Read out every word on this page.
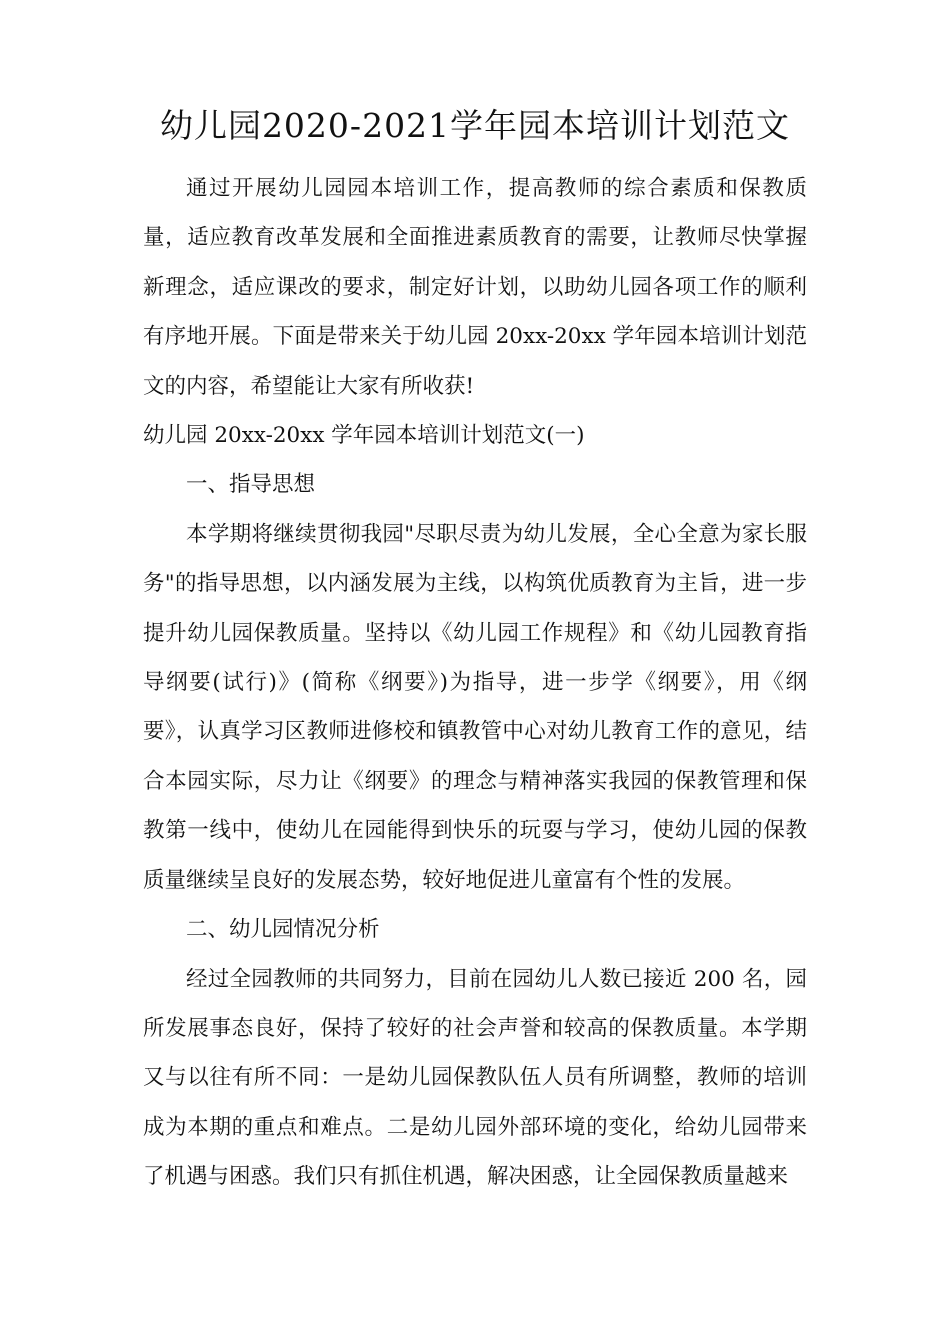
幼儿园2020-2021学年园本培训计划范文

通过开展幼儿园园本培训工作，提高教师的综合素质和保教质量，适应教育改革发展和全面推进素质教育的需要，让教师尽快掌握新理念，适应课改的要求，制定好计划，以助幼儿园各项工作的顺利有序地开展。下面是带来关于幼儿园 20xx-20xx 学年园本培训计划范文的内容，希望能让大家有所收获!

幼儿园 20xx-20xx 学年园本培训计划范文(一)

一、指导思想

本学期将继续贯彻我园"尽职尽责为幼儿发展，全心全意为家长服务"的指导思想，以内涵发展为主线，以构筑优质教育为主旨，进一步提升幼儿园保教质量。坚持以《幼儿园工作规程》和《幼儿园教育指导纲要(试行)》(简称《纲要》)为指导，进一步学《纲要》，用《纲要》，认真学习区教师进修校和镇教管中心对幼儿教育工作的意见，结合本园实际，尽力让《纲要》的理念与精神落实我园的保教管理和保教第一线中，使幼儿在园能得到快乐的玩耍与学习，使幼儿园的保教质量继续呈良好的发展态势，较好地促进儿童富有个性的发展。

二、幼儿园情况分析

经过全园教师的共同努力，目前在园幼儿人数已接近 200 名，园所发展事态良好，保持了较好的社会声誉和较高的保教质量。本学期又与以往有所不同：一是幼儿园保教队伍人员有所调整，教师的培训成为本期的重点和难点。二是幼儿园外部环境的变化，给幼儿园带来了机遇与困惑。我们只有抓住机遇，解决困惑，让全园保教质量越来
